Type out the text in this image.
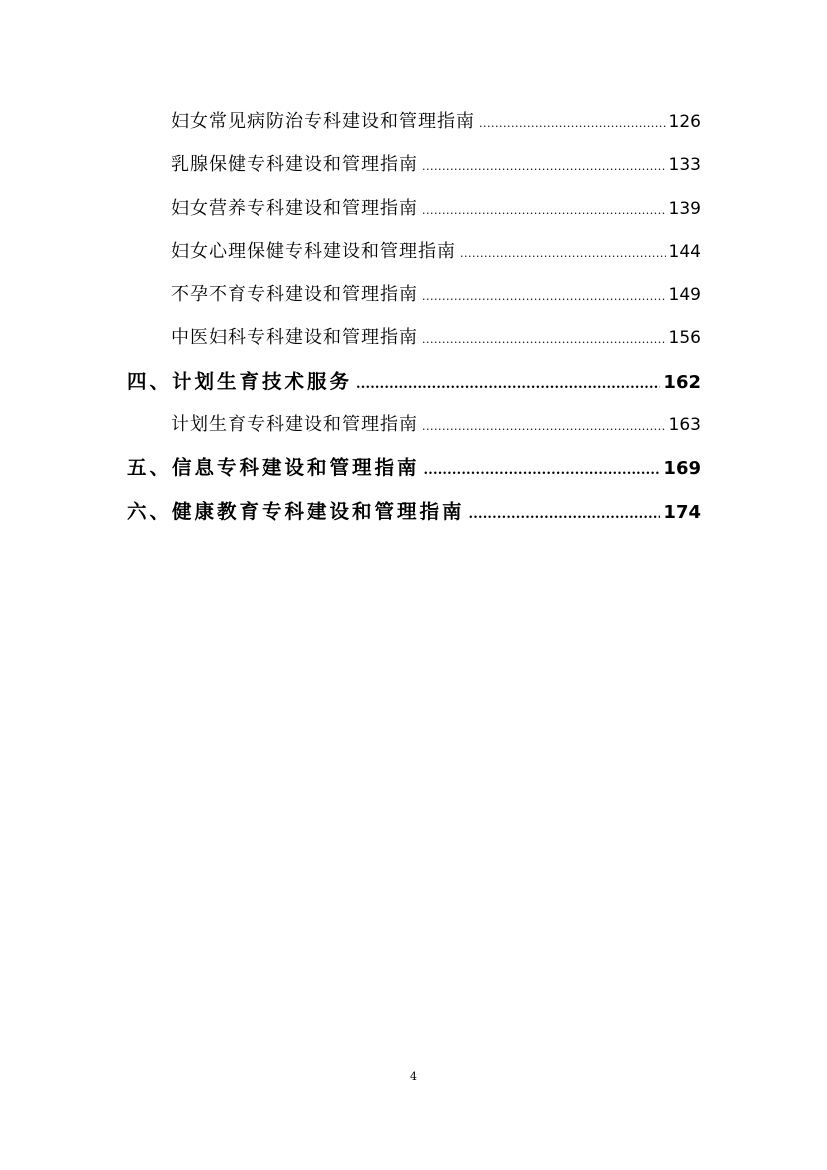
妇女常见病防治专科建设和管理指南 .....	126
乳腺保健专科建设和管理指南 .....	133
妇女营养专科建设和管理指南 .....	139
妇女心理保健专科建设和管理指南 .....	144
不孕不育专科建设和管理指南 .....	149
中医妇科专科建设和管理指南 .....	156
四、计划生育技术服务 .....	162
计划生育专科建设和管理指南 .....	163
五、信息专科建设和管理指南 .....	169
六、健康教育专科建设和管理指南 .....	174
4
